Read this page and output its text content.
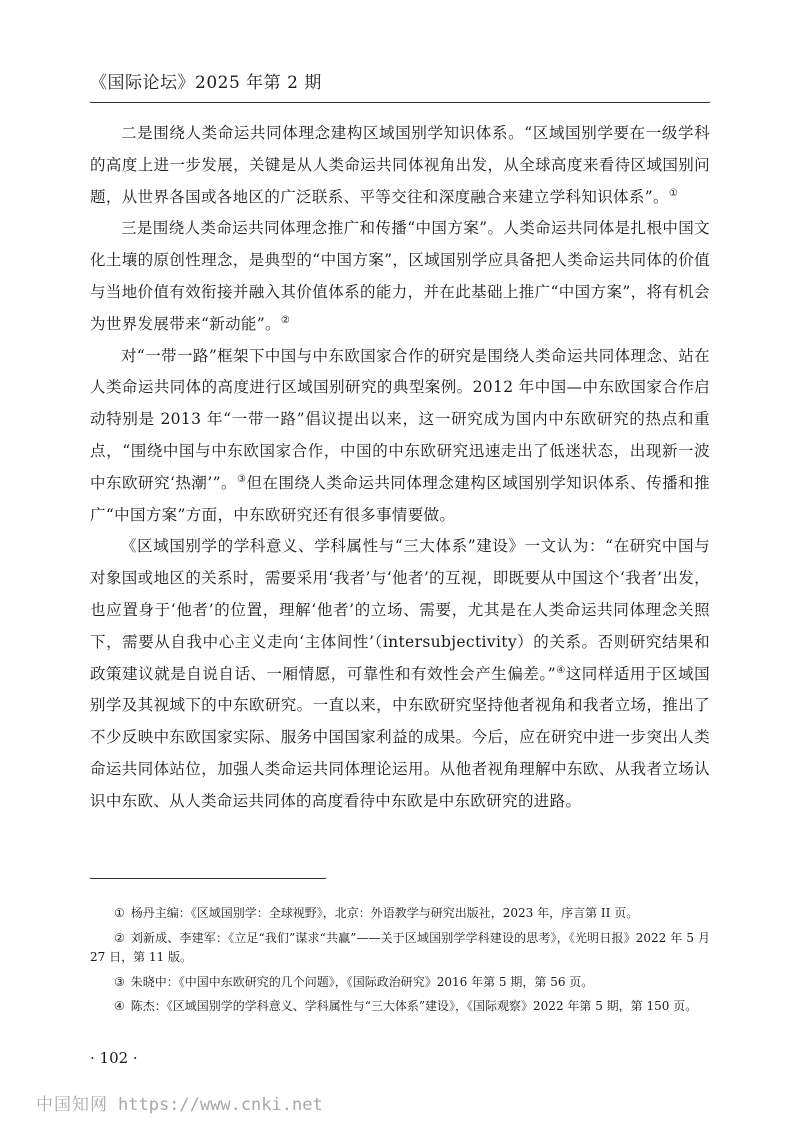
《国际论坛》2025 年第 2 期

二是围绕人类命运共同体理念建构区域国别学知识体系。“区域国别学要在一级学科的高度上进一步发展，关键是从人类命运共同体视角出发，从全球高度来看待区域国别问题，从世界各国或各地区的广泛联系、平等交往和深度融合来建立学科知识体系”。①

三是围绕人类命运共同体理念推广和传播“中国方案”。人类命运共同体是扎根中国文化土壤的原创性理念，是典型的“中国方案”，区域国别学应具备把人类命运共同体的价值与当地价值有效衔接并融入其价值体系的能力，并在此基础上推广“中国方案”，将有机会为世界发展带来“新动能”。②

对“一带一路”框架下中国与中东欧国家合作的研究是围绕人类命运共同体理念、站在人类命运共同体的高度进行区域国别研究的典型案例。2012 年中国—中东欧国家合作启动特别是 2013 年“一带一路”倡议提出以来，这一研究成为国内中东欧研究的热点和重点，“围绕中国与中东欧国家合作，中国的中东欧研究迅速走出了低迷状态，出现新一波中东欧研究‘热潮’”。③但在围绕人类命运共同体理念建构区域国别学知识体系、传播和推广“中国方案”方面，中东欧研究还有很多事情要做。

《区域国别学的学科意义、学科属性与“三大体系”建设》一文认为：“在研究中国与对象国或地区的关系时，需要采用‘我者’与‘他者’的互视，即既要从中国这个‘我者’出发，也应置身于‘他者’的位置，理解‘他者’的立场、需要，尤其是在人类命运共同体理念关照下，需要从自我中心主义走向‘主体间性’（intersubjectivity）的关系。否则研究结果和政策建议就是自说自话、一厢情愿，可靠性和有效性会产生偏差。”④这同样适用于区域国别学及其视域下的中东欧研究。一直以来，中东欧研究坚持他者视角和我者立场，推出了不少反映中东欧国家实际、服务中国国家利益的成果。今后，应在研究中进一步突出人类命运共同体站位，加强人类命运共同体理论运用。从他者视角理解中东欧、从我者立场认识中东欧、从人类命运共同体的高度看待中东欧是中东欧研究的进路。

① 杨丹主编：《区域国别学：全球视野》，北京：外语教学与研究出版社，2023 年，序言第 II 页。

② 刘新成、李建军：《立足“我们”谋求“共赢”——关于区域国别学学科建设的思考》，《光明日报》2022 年 5 月 27 日，第 11 版。

③ 朱晓中：《中国中东欧研究的几个问题》，《国际政治研究》2016 年第 5 期，第 56 页。

④ 陈杰：《区域国别学的学科意义、学科属性与“三大体系”建设》，《国际观察》2022 年第 5 期，第 150 页。

· 102 ·
中国知网 https://www.cnki.net
